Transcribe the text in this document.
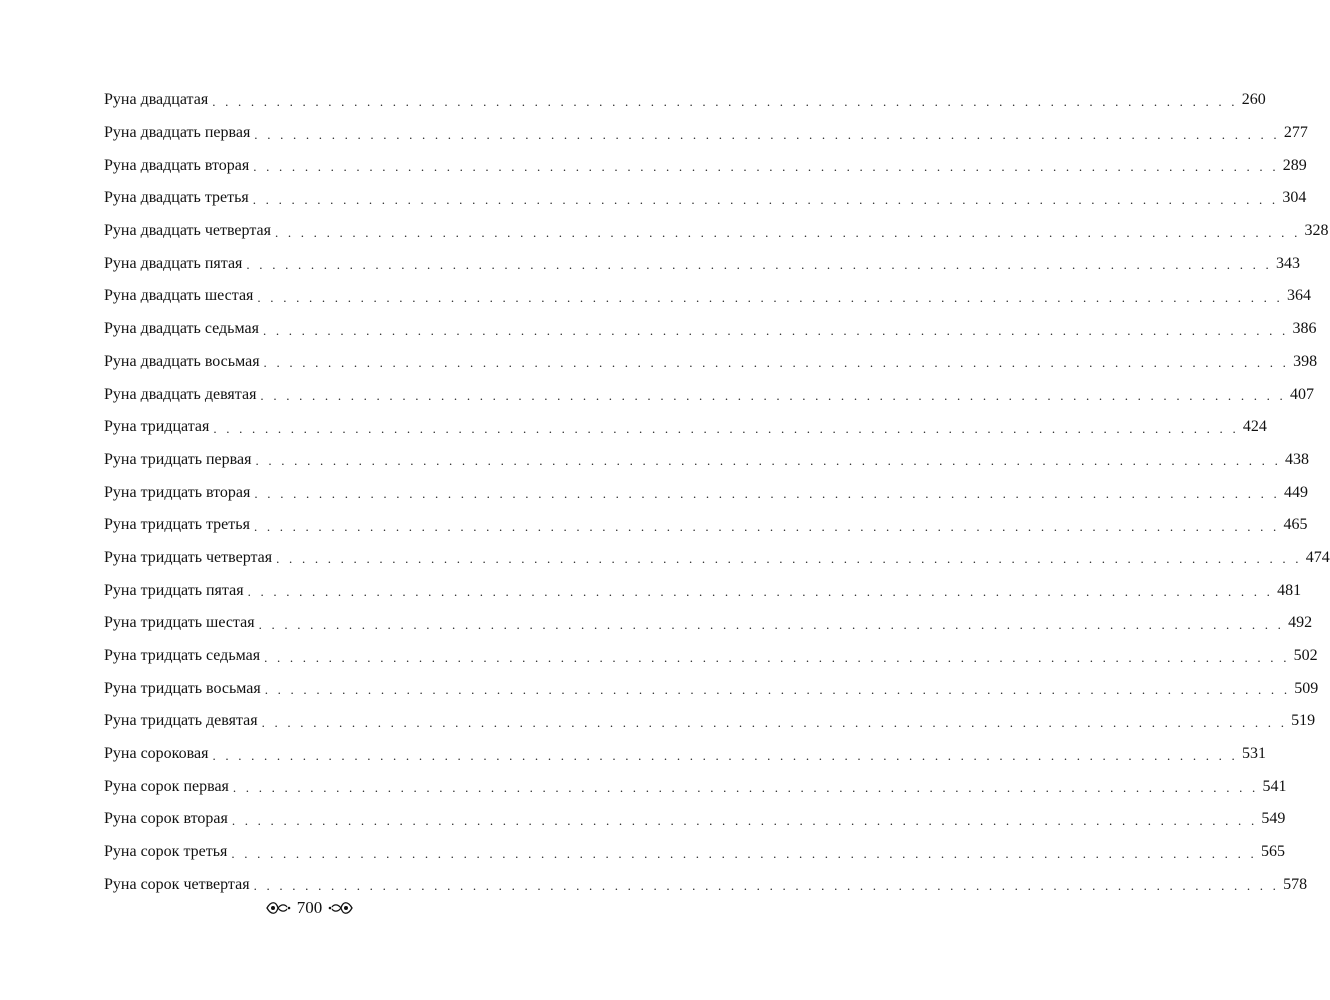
Руна двадцатая . . . . . . . . . . . . . . . . . . . . . . . . . . . . . . . . . . . . . . . . . . . . . . . . . . . . . . . . . . . . . . . . . . . . . . . . . . . . . . . . 260
Руна двадцать первая . . . . . . . . . . . . . . . . . . . . . . . . . . . . . . . . . . . . . . . . . . . . . . . . . . . . . . . . . . . . . . . . . . . . . . . . . . . . . . . . 277
Руна двадцать вторая . . . . . . . . . . . . . . . . . . . . . . . . . . . . . . . . . . . . . . . . . . . . . . . . . . . . . . . . . . . . . . . . . . . . . . . . . . . . . . . . 289
Руна двадцать третья . . . . . . . . . . . . . . . . . . . . . . . . . . . . . . . . . . . . . . . . . . . . . . . . . . . . . . . . . . . . . . . . . . . . . . . . . . . . . . . . 304
Руна двадцать четвертая . . . . . . . . . . . . . . . . . . . . . . . . . . . . . . . . . . . . . . . . . . . . . . . . . . . . . . . . . . . . . . . . . . . . . . . . . . . . . . . . 328
Руна двадцать пятая . . . . . . . . . . . . . . . . . . . . . . . . . . . . . . . . . . . . . . . . . . . . . . . . . . . . . . . . . . . . . . . . . . . . . . . . . . . . . . . . 343
Руна двадцать шестая . . . . . . . . . . . . . . . . . . . . . . . . . . . . . . . . . . . . . . . . . . . . . . . . . . . . . . . . . . . . . . . . . . . . . . . . . . . . . . . . 364
Руна двадцать седьмая . . . . . . . . . . . . . . . . . . . . . . . . . . . . . . . . . . . . . . . . . . . . . . . . . . . . . . . . . . . . . . . . . . . . . . . . . . . . . . . . 386
Руна двадцать восьмая . . . . . . . . . . . . . . . . . . . . . . . . . . . . . . . . . . . . . . . . . . . . . . . . . . . . . . . . . . . . . . . . . . . . . . . . . . . . . . . . 398
Руна двадцать девятая . . . . . . . . . . . . . . . . . . . . . . . . . . . . . . . . . . . . . . . . . . . . . . . . . . . . . . . . . . . . . . . . . . . . . . . . . . . . . . . . 407
Руна тридцатая . . . . . . . . . . . . . . . . . . . . . . . . . . . . . . . . . . . . . . . . . . . . . . . . . . . . . . . . . . . . . . . . . . . . . . . . . . . . . . . . 424
Руна тридцать первая . . . . . . . . . . . . . . . . . . . . . . . . . . . . . . . . . . . . . . . . . . . . . . . . . . . . . . . . . . . . . . . . . . . . . . . . . . . . . . . . 438
Руна тридцать вторая . . . . . . . . . . . . . . . . . . . . . . . . . . . . . . . . . . . . . . . . . . . . . . . . . . . . . . . . . . . . . . . . . . . . . . . . . . . . . . . . 449
Руна тридцать третья . . . . . . . . . . . . . . . . . . . . . . . . . . . . . . . . . . . . . . . . . . . . . . . . . . . . . . . . . . . . . . . . . . . . . . . . . . . . . . . . 465
Руна тридцать четвертая . . . . . . . . . . . . . . . . . . . . . . . . . . . . . . . . . . . . . . . . . . . . . . . . . . . . . . . . . . . . . . . . . . . . . . . . . . . . . . . . 474
Руна тридцать пятая . . . . . . . . . . . . . . . . . . . . . . . . . . . . . . . . . . . . . . . . . . . . . . . . . . . . . . . . . . . . . . . . . . . . . . . . . . . . . . . . 481
Руна тридцать шестая . . . . . . . . . . . . . . . . . . . . . . . . . . . . . . . . . . . . . . . . . . . . . . . . . . . . . . . . . . . . . . . . . . . . . . . . . . . . . . . . 492
Руна тридцать седьмая . . . . . . . . . . . . . . . . . . . . . . . . . . . . . . . . . . . . . . . . . . . . . . . . . . . . . . . . . . . . . . . . . . . . . . . . . . . . . . . . 502
Руна тридцать восьмая . . . . . . . . . . . . . . . . . . . . . . . . . . . . . . . . . . . . . . . . . . . . . . . . . . . . . . . . . . . . . . . . . . . . . . . . . . . . . . . . 509
Руна тридцать девятая . . . . . . . . . . . . . . . . . . . . . . . . . . . . . . . . . . . . . . . . . . . . . . . . . . . . . . . . . . . . . . . . . . . . . . . . . . . . . . . . 519
Руна сороковая . . . . . . . . . . . . . . . . . . . . . . . . . . . . . . . . . . . . . . . . . . . . . . . . . . . . . . . . . . . . . . . . . . . . . . . . . . . . . . . . 531
Руна сорок первая . . . . . . . . . . . . . . . . . . . . . . . . . . . . . . . . . . . . . . . . . . . . . . . . . . . . . . . . . . . . . . . . . . . . . . . . . . . . . . . . 541
Руна сорок вторая . . . . . . . . . . . . . . . . . . . . . . . . . . . . . . . . . . . . . . . . . . . . . . . . . . . . . . . . . . . . . . . . . . . . . . . . . . . . . . . . 549
Руна сорок третья . . . . . . . . . . . . . . . . . . . . . . . . . . . . . . . . . . . . . . . . . . . . . . . . . . . . . . . . . . . . . . . . . . . . . . . . . . . . . . . . 565
Руна сорок четвертая . . . . . . . . . . . . . . . . . . . . . . . . . . . . . . . . . . . . . . . . . . . . . . . . . . . . . . . . . . . . . . . . . . . . . . . . . . . . . . . . 578
700
